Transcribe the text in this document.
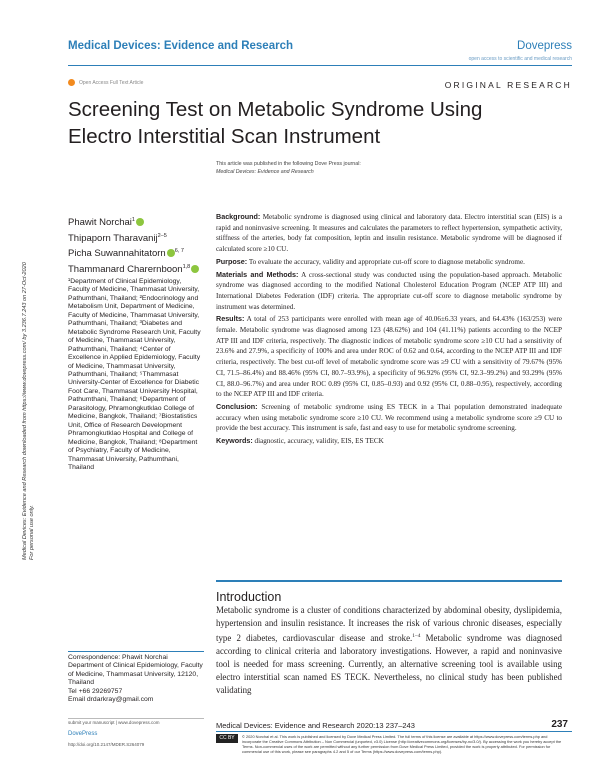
Medical Devices: Evidence and Research	Dovepress
open access to scientific and medical research
Open Access Full Text Article	ORIGINAL RESEARCH
Screening Test on Metabolic Syndrome Using Electro Interstitial Scan Instrument
This article was published in the following Dove Press journal:
Medical Devices: Evidence and Research
Medical Devices: Evidence and Research downloaded from https://www.dovepress.com/ by 3.236.7.243 on 27-Oct-2020 For personal use only.
Phawit Norchai$^1$
Thipaporn Tharavanij$^{2-5}$
Picha Suwannahitatorn $^{6, 7}$
Thammanard Charernboon$^{1,8}$
¹Department of Clinical Epidemiology, Faculty of Medicine, Thammasat University, Pathumthani, Thailand; ²Endocrinology and Metabolism Unit, Department of Medicine, Faculty of Medicine, Thammasat University, Pathumthani, Thailand; ³Diabetes and Metabolic Syndrome Research Unit, Faculty of Medicine, Thammasat University, Pathumthani, Thailand; ⁴Center of Excellence in Applied Epidemiology, Faculty of Medicine, Thammasat University, Pathumthani, Thailand; ⁵Thammasat University-Center of Excellence for Diabetic Foot Care, Thammasat University Hospital, Pathumthani, Thailand; ⁶Department of Parasitology, Phramongkutklao College of Medicine, Bangkok, Thailand; ⁷Biostatistics Unit, Office of Research Development Phramongkutklao Hospital and College of Medicine, Bangkok, Thailand; ⁸Department of Psychiatry, Faculty of Medicine, Thammasat University, Pathumthani, Thailand

Background: Metabolic syndrome is diagnosed using clinical and laboratory data. Electro interstitial scan (EIS) is a rapid and noninvasive screening. It measures and calculates the parameters to reflect hypertension, sympathetic activity, stiffness of the arteries, body fat composition, leptin and insulin resistance. Metabolic syndrome will be diagnosed if calculated score ≥10 CU.

Purpose: To evaluate the accuracy, validity and appropriate cut-off score to diagnose metabolic syndrome.

Materials and Methods: A cross-sectional study was conducted using the population-based approach. Metabolic syndrome was diagnosed according to the modified National Cholesterol Education Program (NCEP ATP III) and International Diabetes Federation (IDF) criteria. The appropriate cut-off score to diagnose metabolic syndrome by instrument was determined.

Results: A total of 253 participants were enrolled with mean age of 40.06±6.33 years, and 64.43% (163/253) were female. Metabolic syndrome was diagnosed among 123 (48.62%) and 104 (41.11%) patients according to the NCEP ATP III and IDF criteria, respectively. The diagnostic indices of metabolic syndrome score ≥10 CU had a sensitivity of 23.6% and 27.9%, a specificity of 100% and area under ROC of 0.62 and 0.64, according to the NCEP ATP III and IDF criteria, respectively. The best cut-off level of metabolic syndrome score was ≥9 CU with a sensitivity of 79.67% (95% CI, 71.5–86.4%) and 88.46% (95% CI, 80.7–93.9%), a specificity of 96.92% (95% CI, 92.3–99.2%) and 93.29% (95% CI, 88.0–96.7%) and area under ROC 0.89 (95% CI, 0.85–0.93) and 0.92 (95% CI, 0.88–0.95), respectively, according to the NCEP ATP III and IDF criteria.

Conclusion: Screening of metabolic syndrome using ES TECK in a Thai population demonstrated inadequate accuracy when using metabolic syndrome score ≥10 CU. We recommend using a metabolic syndrome score ≥9 CU to provide the best accuracy. This instrument is safe, fast and easy to use for metabolic syndrome screening.

Keywords: diagnostic, accuracy, validity, EIS, ES TECK

Introduction
Metabolic syndrome is a cluster of conditions characterized by abdominal obesity, dyslipidemia, hypertension and insulin resistance. It increases the risk of various chronic diseases, especially type 2 diabetes, cardiovascular disease and stroke.$^{1-4}$ Metabolic syndrome was diagnosed according to clinical criteria and laboratory investigations. However, a rapid and noninvasive tool is needed for mass screening. Currently, an alternative screening tool is available using electro interstitial scan named ES TECK. Nevertheless, no clinical study has been published validating
Correspondence: Phawit Norchai
Department of Clinical Epidemiology, Faculty of Medicine, Thammasat University, 12120, Thailand
Tel +66 29269757
Email drdarkray@gmail.com
submit your manuscript | www.dovepress.com
DovePress
http://doi.org/10.2147/MDER.S264079
Medical Devices: Evidence and Research 2020:13 237–243	237
CC BY NC
© 2020 Norchai et al. This work is published and licensed by Dove Medical Press Limited. The full terms of this license are available at https://www.dovepress.com/terms.php and incorporate the Creative Commons Attribution – Non Commercial (unported, v3.0) License (http://creativecommons.org/licenses/by-nc/3.0/). By accessing the work you hereby accept the Terms. Non-commercial uses of the work are permitted without any further permission from Dove Medical Press Limited, provided the work is properly attributed. For permission for commercial use of this work, please see paragraphs 4.2 and 5 of our Terms (https://www.dovepress.com/terms.php).
